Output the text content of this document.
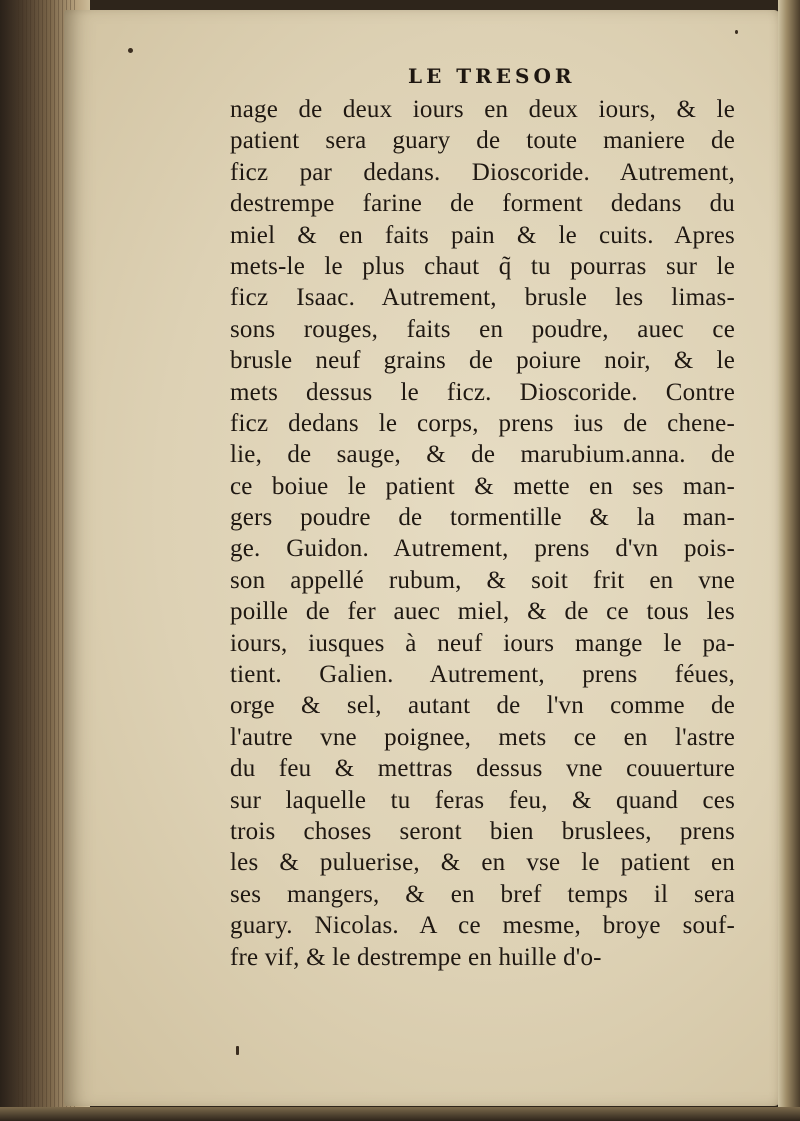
LE TRESOR
nage de deux iours en deux iours, & le
patient sera guary de toute maniere de
ficz par dedans. Dioscoride. Autrement,
destrempe farine de forment dedans du
miel & en faits pain & le cuits. Apres
mets-le le plus chaut q̃ tu pourras sur le
ficz Isaac. Autrement, brusle les limas-
sons rouges, faits en poudre, auec ce
brusle neuf grains de poiure noir, & le
mets dessus le ficz. Dioscoride. Contre
ficz dedans le corps, prens ius de chene-
lie, de sauge, & de marubium.anna. de
ce boiue le patient & mette en ses man-
gers poudre de tormentille & la man-
ge. Guidon. Autrement, prens d'vn pois-
son appellé rubum, & soit frit en vne
poille de fer auec miel, & de ce tous les
iours, iusques à neuf iours mange le pa-
tient. Galien. Autrement, prens féues,
orge & sel, autant de l'vn comme de
l'autre vne poignee, mets ce en l'astre
du feu & mettras dessus vne couuerture
sur laquelle tu feras feu, & quand ces
trois choses seront bien bruslees, prens
les & puluerise, & en vse le patient en
ses mangers, & en bref temps il sera
guary. Nicolas. A ce mesme, broye souf-
fre vif, & le destrempe en huille d'o-
